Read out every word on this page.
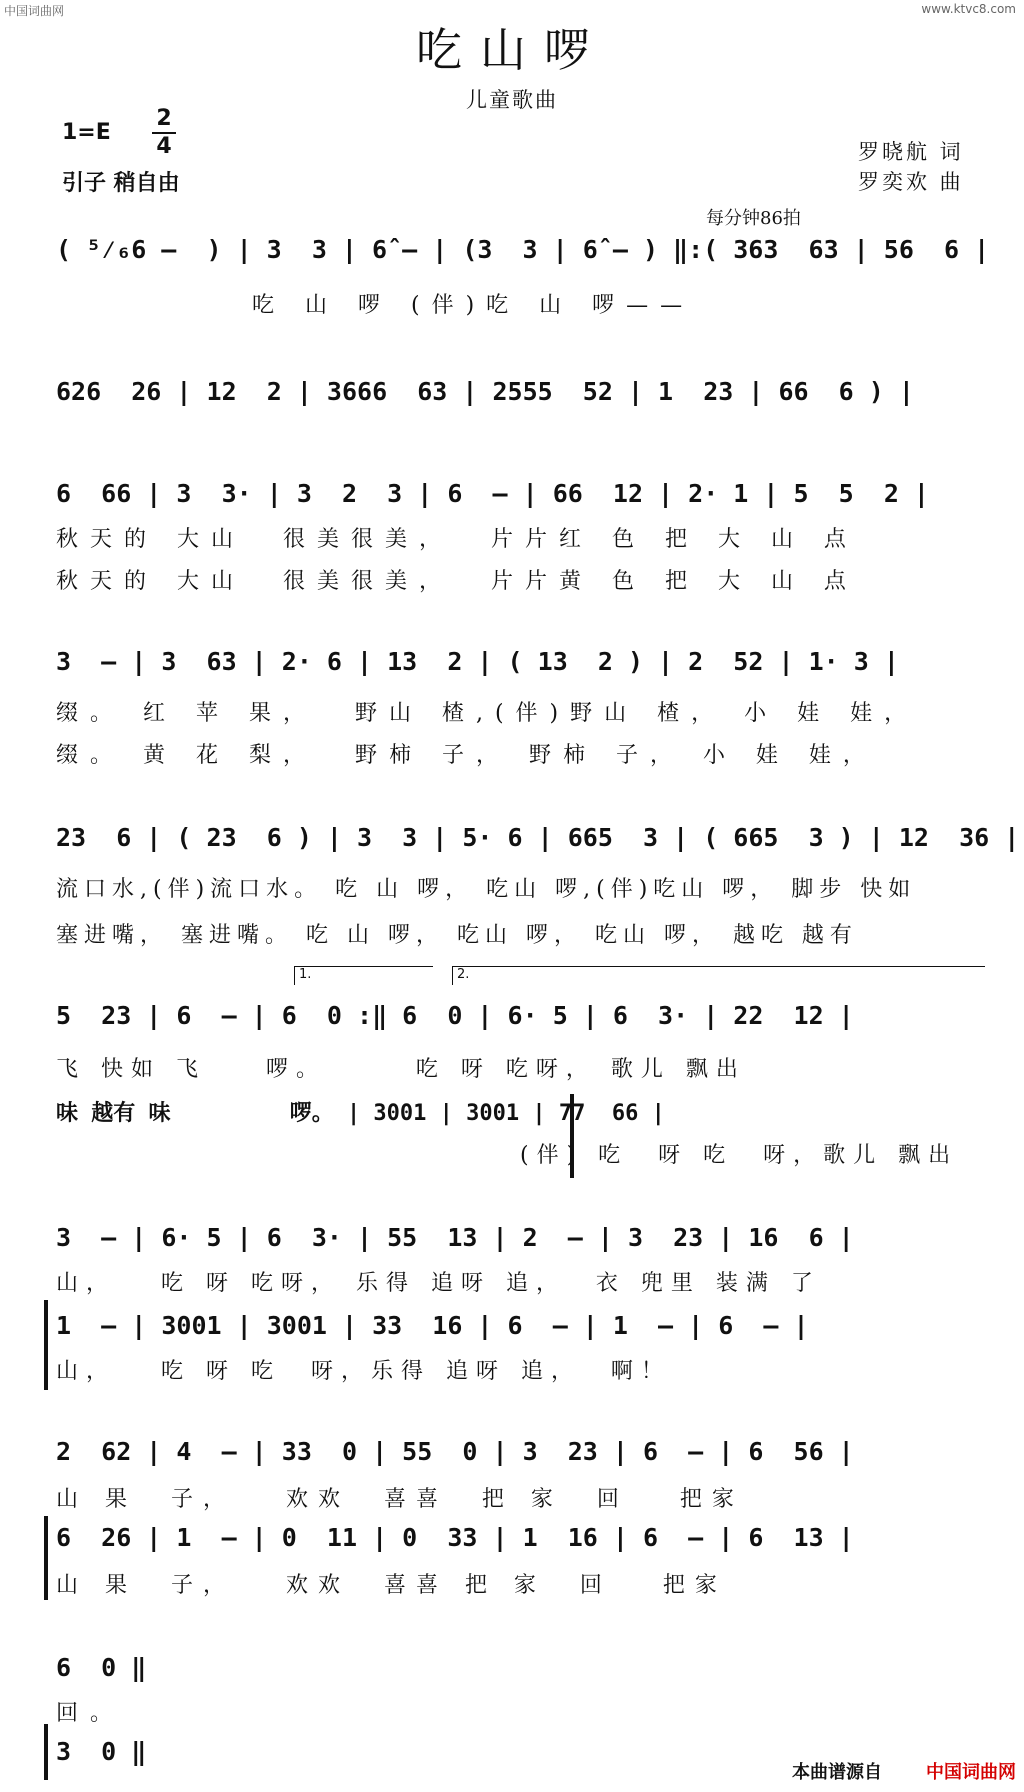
中国词曲网	www.ktvc8.com
吃山啰
儿童歌曲
1=E
2
4
引子 稍自由
罗晓航 词
罗奕欢 曲
每分钟86拍
( ⁵⁄₆6 —  ) | 3  3 | 6̂ — | (3  3 | 6̂ — ) ‖:( 363  63 | 56  6 |
吃 山 啰 (伴)吃 山 啰——
626  26 | 12  2 | 3666  63 | 2555  52 | 1  23 | 66  6 ) |
6  66 | 3  3· | 3  2  3 | 6  — | 66  12 | 2· 1 | 5  5  2 |
秋天的 大山  很美很美，  片片红 色 把 大 山 点
秋天的 大山  很美很美，  片片黄 色 把 大 山 点
3  — | 3  63 | 2· 6 | 13  2 | ( 13  2 ) | 2  52 | 1· 3 |
缀。 红 苹 果，  野山 楂,(伴)野山 楂， 小 娃 娃，
缀。 黄 花 梨，  野柿 子， 野柿 子， 小 娃 娃，
23  6 | ( 23  6 ) | 3  3 | 5· 6 | 665  3 | ( 665  3 ) | 12  36 |
流口水,(伴)流口水。 吃 山 啰， 吃山 啰,(伴)吃山 啰， 脚步 快如
塞进嘴， 塞进嘴。 吃 山 啰， 吃山 啰， 吃山 啰， 越吃 越有
1.	2.
5  23 | 6  — | 6  0 :‖ 6  0 | 6· 5 | 6  3· | 22  12 |
飞 快如 飞    啰。      吃 呀 吃呀， 歌儿 飘出
味 越有 味         啰。 | 3001 | 3001 | 77  66 |
(伴) 吃  呀 吃  呀，歌儿 飘出
3  — | 6· 5 | 6  3· | 55  13 | 2  — | 3  23 | 16  6 |
山，   吃 呀 吃呀， 乐得 追呀 追，  衣 兜里 装满 了
1  — | 3001 | 3001 | 33  16 | 6  — | 1  — | 6  — |
山，   吃 呀 吃  呀，乐得 追呀 追，  啊！
2  62 | 4  — | 33  0 | 55  0 | 3  23 | 6  — | 6  56 |
山 果  子，   欢欢  喜喜  把 家  回   把家
6  26 | 1  — | 0  11 | 0  33 | 1  16 | 6  — | 6  13 |
山 果  子，   欢欢  喜喜 把 家  回   把家
6  0 ‖
回。
3  0 ‖
本曲谱源自 中国词曲网
